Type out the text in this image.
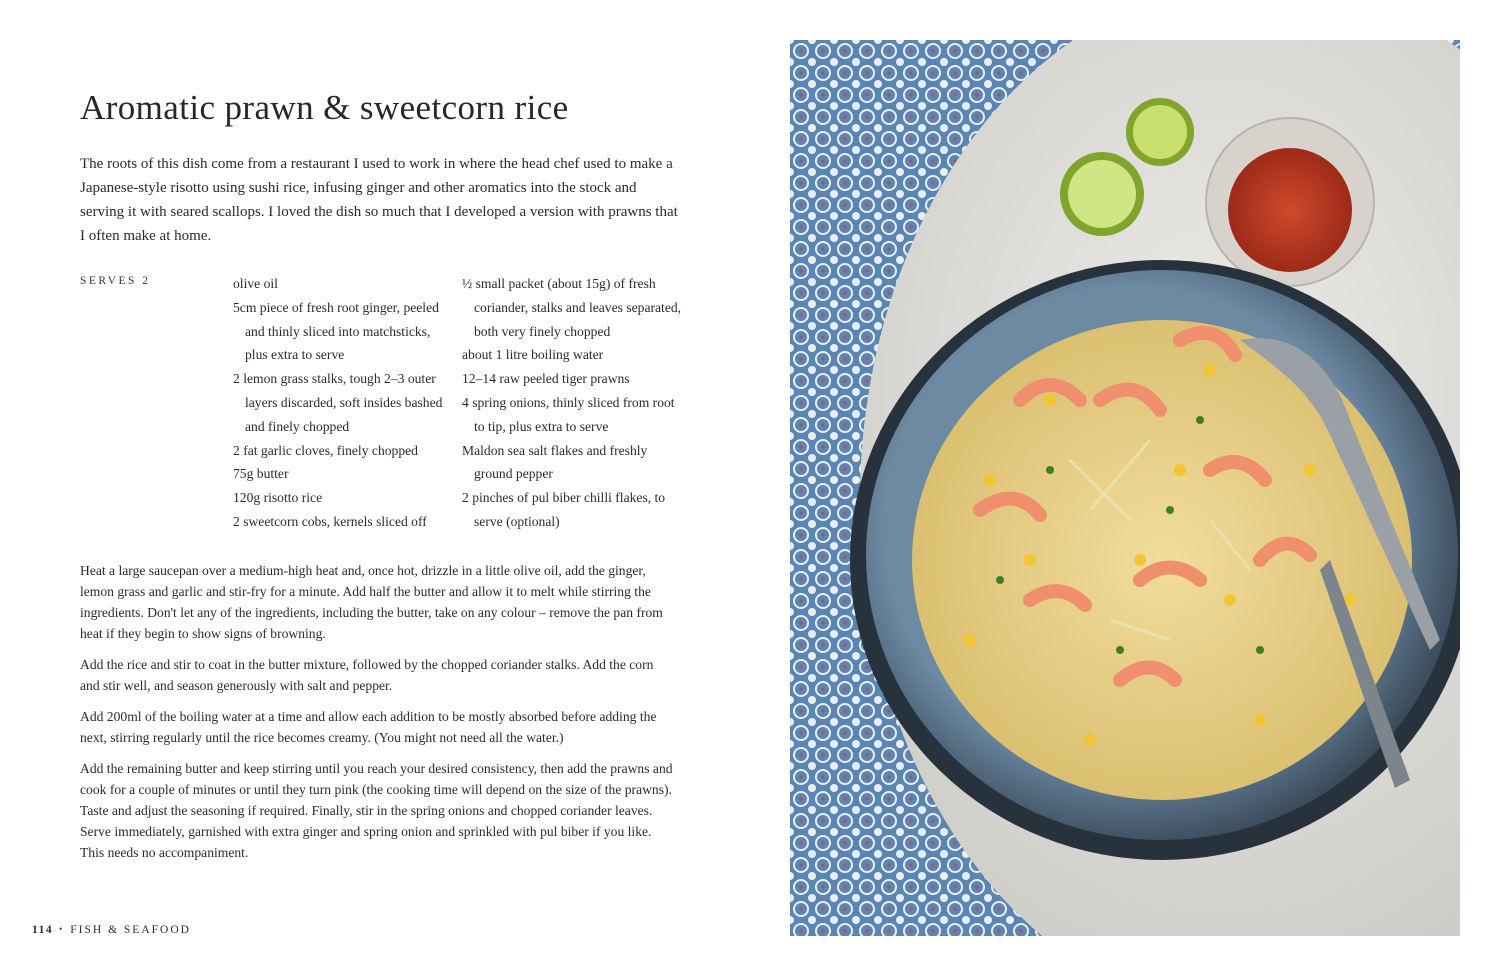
Aromatic prawn & sweetcorn rice

The roots of this dish come from a restaurant I used to work in where the head chef used to make a Japanese-style risotto using sushi rice, infusing ginger and other aromatics into the stock and serving it with seared scallops. I loved the dish so much that I developed a version with prawns that I often make at home.

SERVES 2	olive oil
5cm piece of fresh root ginger, peeled and thinly sliced into matchsticks, plus extra to serve
2 lemon grass stalks, tough 2–3 outer layers discarded, soft insides bashed and finely chopped
2 fat garlic cloves, finely chopped
75g butter
120g risotto rice
2 sweetcorn cobs, kernels sliced off
½ small packet (about 15g) of fresh coriander, stalks and leaves separated, both very finely chopped
about 1 litre boiling water
12–14 raw peeled tiger prawns
4 spring onions, thinly sliced from root to tip, plus extra to serve
Maldon sea salt flakes and freshly ground pepper
2 pinches of pul biber chilli flakes, to serve (optional)

Heat a large saucepan over a medium-high heat and, once hot, drizzle in a little olive oil, add the ginger, lemon grass and garlic and stir-fry for a minute. Add half the butter and allow it to melt while stirring the ingredients. Don't let any of the ingredients, including the butter, take on any colour – remove the pan from heat if they begin to show signs of browning.

Add the rice and stir to coat in the butter mixture, followed by the chopped coriander stalks. Add the corn and stir well, and season generously with salt and pepper.

Add 200ml of the boiling water at a time and allow each addition to be mostly absorbed before adding the next, stirring regularly until the rice becomes creamy. (You might not need all the water.)

Add the remaining butter and keep stirring until you reach your desired consistency, then add the prawns and cook for a couple of minutes or until they turn pink (the cooking time will depend on the size of the prawns). Taste and adjust the seasoning if required. Finally, stir in the spring onions and chopped coriander leaves. Serve immediately, garnished with extra ginger and spring onion and sprinkled with pul biber if you like. This needs no accompaniment.

114 • FISH & SEAFOOD
